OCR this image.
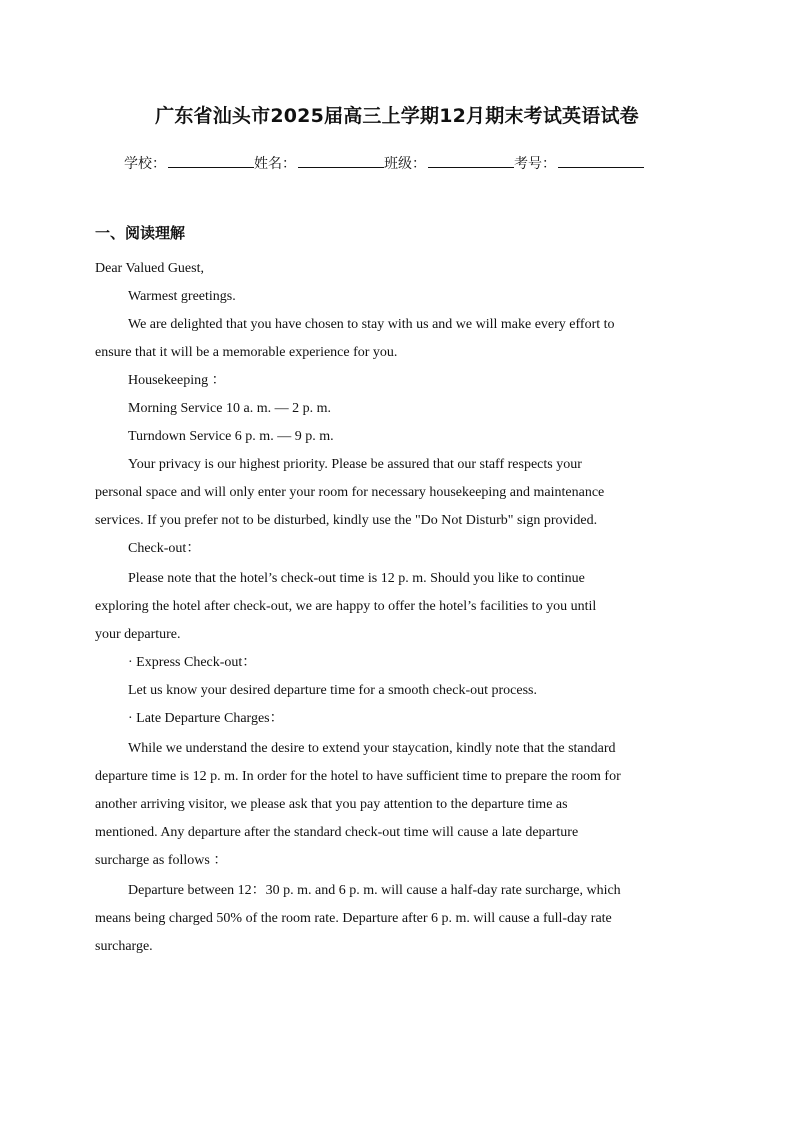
广东省汕头市2025届高三上学期12月期末考试英语试卷
学校：	姓名：	班级：	考号：
一、阅读理解

Dear Valued Guest,

Warmest greetings.

We are delighted that you have chosen to stay with us and we will make every effort to

ensure that it will be a memorable experience for you.

Housekeeping ：

Morning Service 10 a. m. — 2 p. m.

Turndown Service 6 p. m. — 9 p. m.

Your privacy is our highest priority. Please be assured that our staff respects your

personal space and will only enter your room for necessary housekeeping and maintenance

services. If you prefer not to be disturbed, kindly use the "Do Not Disturb" sign provided.

Check-out：

Please note that the hotel’s check-out time is 12 p. m. Should you like to continue

exploring the hotel after check-out, we are happy to offer the hotel’s facilities to you until

your departure.

· Express Check-out：

Let us know your desired departure time for a smooth check-out process.

· Late Departure Charges：

While we understand the desire to extend your staycation, kindly note that the standard

departure time is 12 p. m. In order for the hotel to have sufficient time to prepare the room for

another arriving visitor, we please ask that you pay attention to the departure time as

mentioned. Any departure after the standard check-out time will cause a late departure

surcharge as follows ：

Departure between 12：30 p. m. and 6 p. m. will cause a half-day rate surcharge, which

means being charged 50% of the room rate. Departure after 6 p. m. will cause a full-day rate

surcharge.
